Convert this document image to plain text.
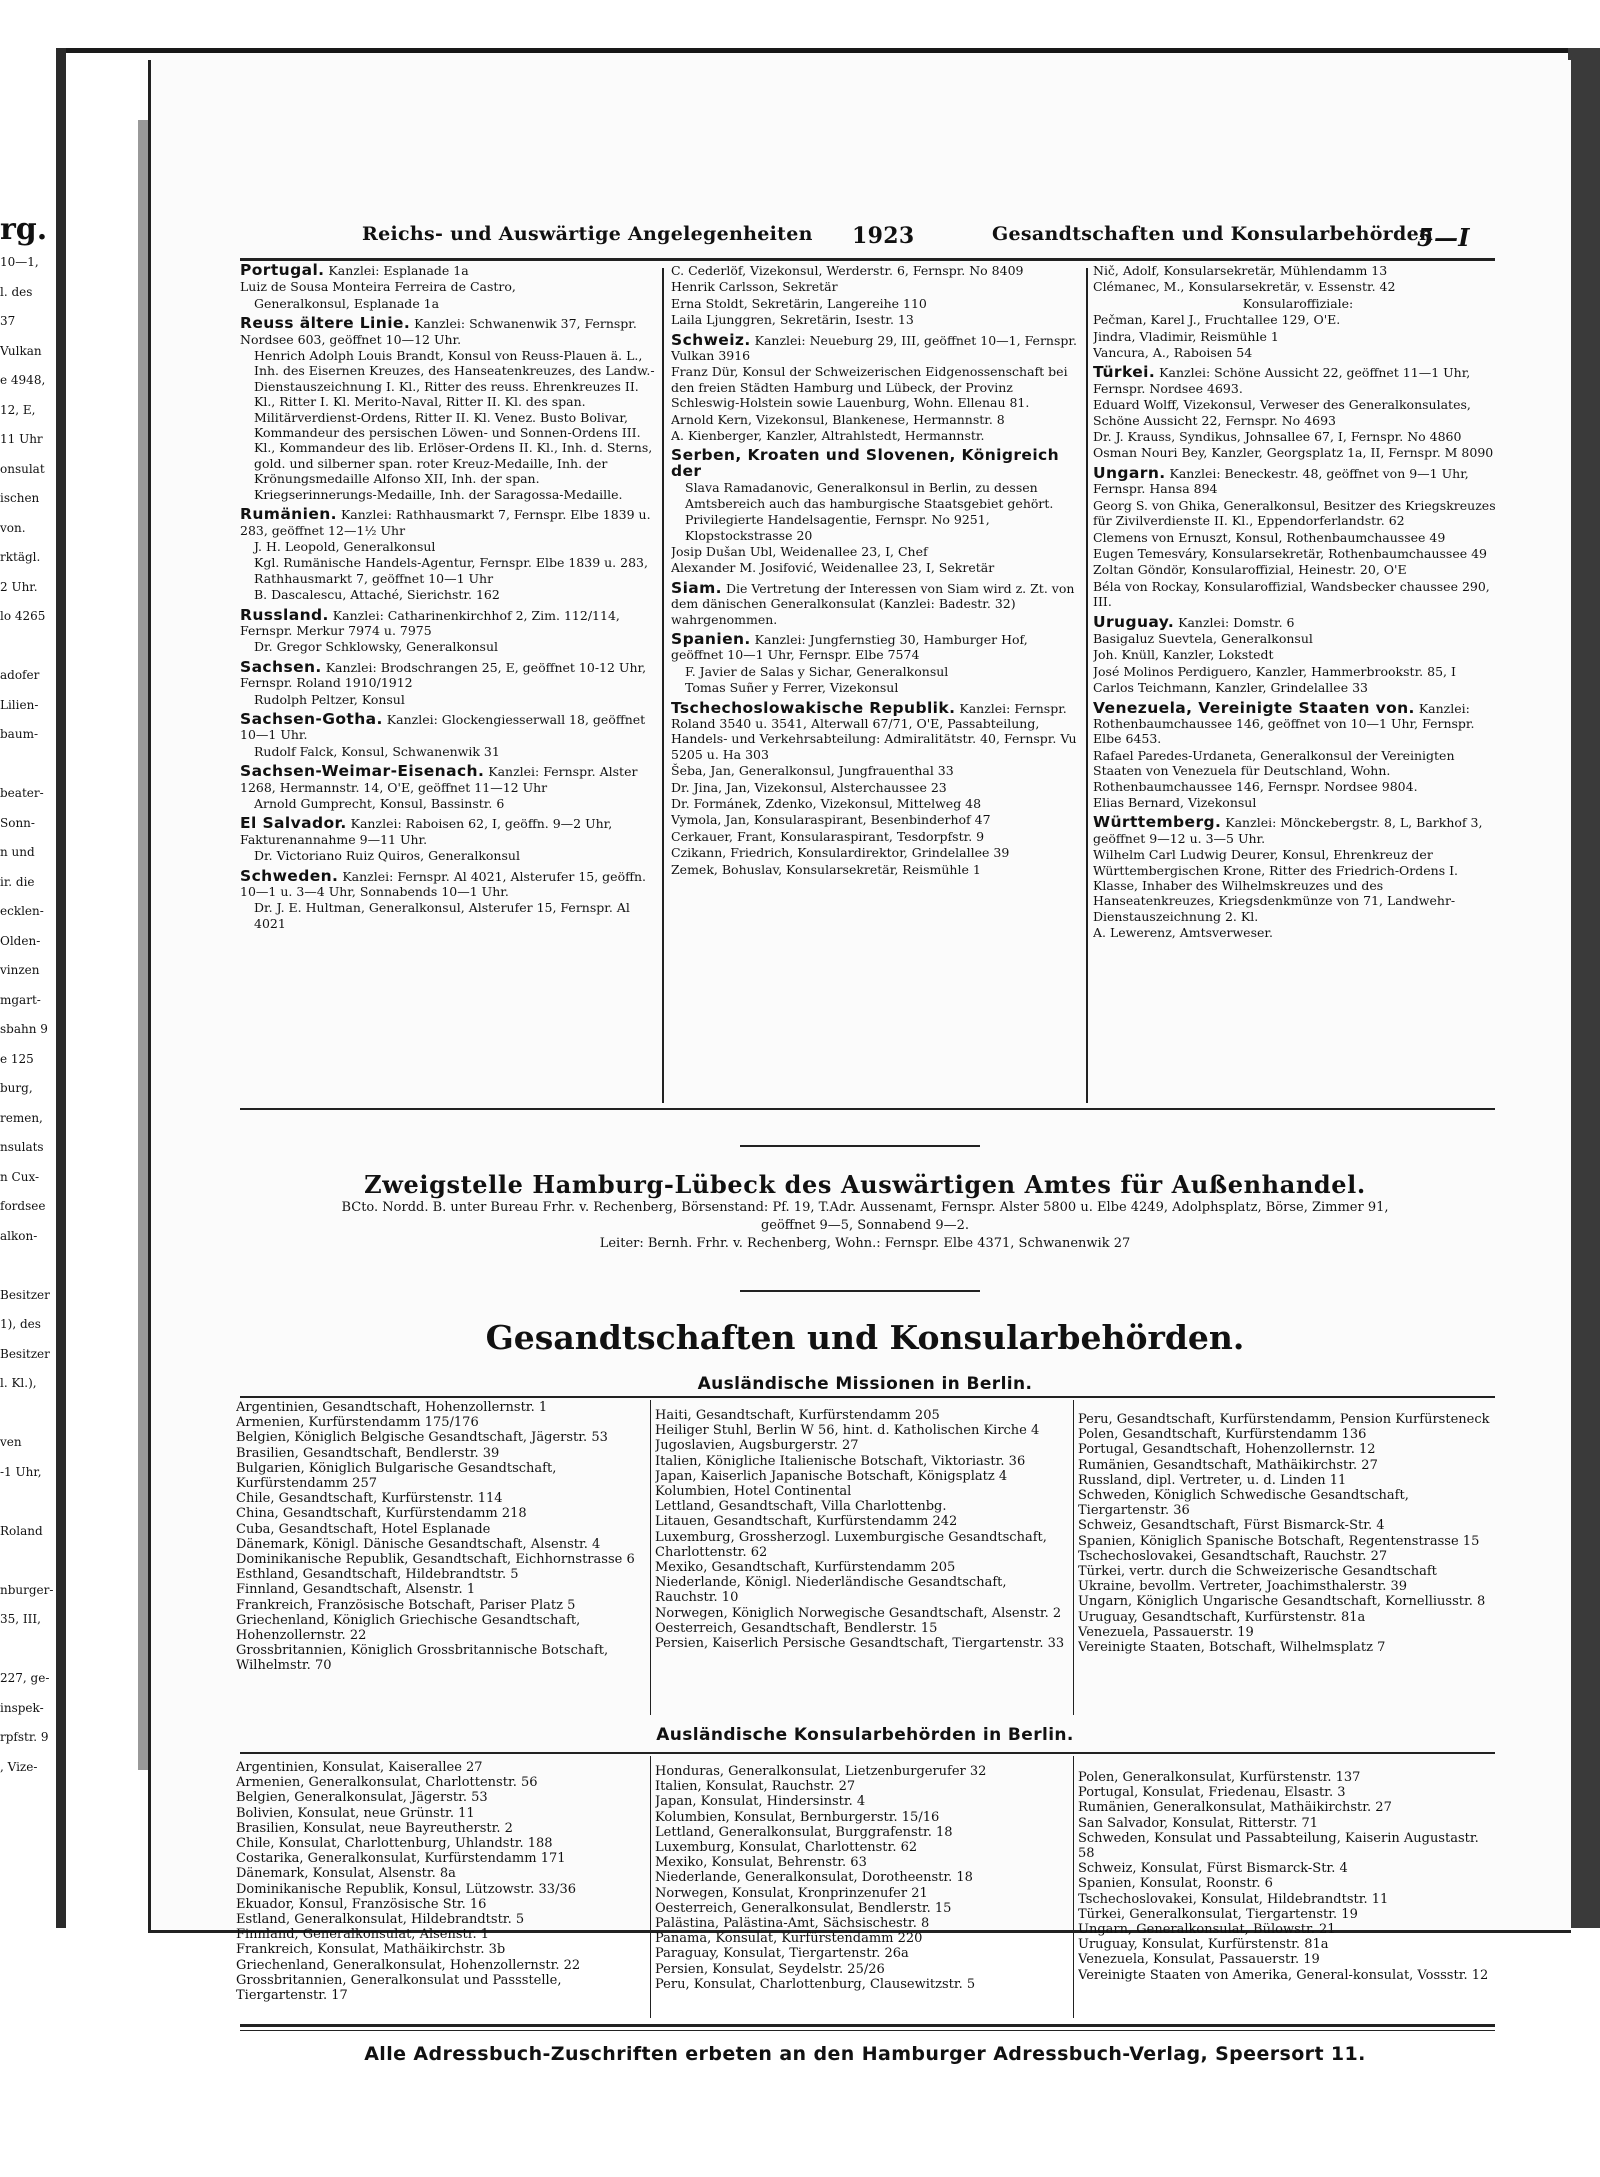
rg.
10—1,
l. des
37
Vulkan
e 4948,
12, E,
11 Uhr
onsulat
ischen
von.
rktägl.
2 Uhr.
lo 4265
adofer
Lilien-
baum-
beater-
Sonn-
n und
ir. die
ecklen-
Olden-
vinzen
mgart-
sbahn 9
e 125
burg,
remen,
nsulats
n Cux-
fordsee
alkon-
Besitzer
1), des
Besitzer
l. Kl.),
ven
-1 Uhr,
Roland
nburger-
35, III,
227, ge-
inspek-
rpfstr. 9
, Vize-
Reichs- und Auswärtige Angelegenheiten 1923	Gesandtschaften und Konsularbehörden
5—I
Portugal. Kanzlei: Esplanade 1a
Luiz de Sousa Monteira Ferreira de Castro,
Generalkonsul, Esplanade 1a
Reuss ältere Linie. Kanzlei: Schwanenwik 37, Fernspr. Nordsee 603, geöffnet 10—12 Uhr.
Henrich Adolph Louis Brandt, Konsul von Reuss-Plauen ä. L., Inh. des Eisernen Kreuzes, des Hanseatenkreuzes, des Landw.-Dienstauszeichnung I. Kl., Ritter des reuss. Ehrenkreuzes II. Kl., Ritter I. Kl. Merito-Naval, Ritter II. Kl. des span. Militärverdienst-Ordens, Ritter II. Kl. Venez. Busto Bolivar, Kommandeur des persischen Löwen- und Sonnen-Ordens III. Kl., Kommandeur des lib. Erlöser-Ordens II. Kl., Inh. d. Sterns, gold. und silberner span. roter Kreuz-Medaille, Inh. der Krönungsmedaille Alfonso XII, Inh. der span. Kriegserinnerungs-Medaille, Inh. der Saragossa-Medaille.
Rumänien. Kanzlei: Rathhausmarkt 7, Fernspr. Elbe 1839 u. 283, geöffnet 12—1½ Uhr
J. H. Leopold, Generalkonsul
Kgl. Rumänische Handels-Agentur, Fernspr. Elbe 1839 u. 283, Rathhausmarkt 7, geöffnet 10—1 Uhr
B. Dascalescu, Attaché, Sierichstr. 162
Russland. Kanzlei: Catharinenkirchhof 2, Zim. 112/114, Fernspr. Merkur 7974 u. 7975
Dr. Gregor Schklowsky, Generalkonsul
Sachsen. Kanzlei: Brodschrangen 25, E, geöffnet 10-12 Uhr, Fernspr. Roland 1910/1912
Rudolph Peltzer, Konsul
Sachsen-Gotha. Kanzlei: Glockengiesserwall 18, geöffnet 10—1 Uhr.
Rudolf Falck, Konsul, Schwanenwik 31
Sachsen-Weimar-Eisenach. Kanzlei: Fernspr. Alster 1268, Hermannstr. 14, O'E, geöffnet 11—12 Uhr
Arnold Gumprecht, Konsul, Bassinstr. 6
El Salvador. Kanzlei: Raboisen 62, I, geöffn. 9—2 Uhr, Fakturenannahme 9—11 Uhr.
Dr. Victoriano Ruiz Quiros, Generalkonsul
Schweden. Kanzlei: Fernspr. Al 4021, Alsterufer 15, geöffn. 10—1 u. 3—4 Uhr, Sonnabends 10—1 Uhr.
Dr. J. E. Hultman, Generalkonsul, Alsterufer 15, Fernspr. Al 4021
C. Cederlöf, Vizekonsul, Werderstr. 6, Fernspr. No 8409
Henrik Carlsson, Sekretär
Erna Stoldt, Sekretärin, Langereihe 110
Laila Ljunggren, Sekretärin, Isestr. 13
Schweiz. Kanzlei: Neueburg 29, III, geöffnet 10—1, Fernspr. Vulkan 3916
Franz Dür, Konsul der Schweizerischen Eidgenossenschaft bei den freien Städten Hamburg und Lübeck, der Provinz Schleswig-Holstein sowie Lauenburg, Wohn. Ellenau 81.
Arnold Kern, Vizekonsul, Blankenese, Hermannstr. 8
A. Kienberger, Kanzler, Altrahlstedt, Hermannstr.
Serben, Kroaten und Slovenen, Königreich der
Slava Ramadanovic, Generalkonsul in Berlin, zu dessen Amtsbereich auch das hamburgische Staatsgebiet gehört.
Privilegierte Handelsagentie, Fernspr. No 9251, Klopstockstrasse 20
Josip Dušan Ubl, Weidenallee 23, I, Chef
Alexander M. Josifović, Weidenallee 23, I, Sekretär
Siam. Die Vertretung der Interessen von Siam wird z. Zt. von dem dänischen Generalkonsulat (Kanzlei: Badestr. 32) wahrgenommen.
Spanien. Kanzlei: Jungfernstieg 30, Hamburger Hof, geöffnet 10—1 Uhr, Fernspr. Elbe 7574
F. Javier de Salas y Sichar, Generalkonsul
Tomas Suñer y Ferrer, Vizekonsul
Tschechoslowakische Republik. Kanzlei: Fernspr. Roland 3540 u. 3541, Alterwall 67/71, O'E, Passabteilung, Handels- und Verkehrsabteilung: Admiralitätstr. 40, Fernspr. Vu 5205 u. Ha 303
Šeba, Jan, Generalkonsul, Jungfrauenthal 33
Dr. Jina, Jan, Vizekonsul, Alsterchaussee 23
Dr. Formánek, Zdenko, Vizekonsul, Mittelweg 48
Vymola, Jan, Konsularaspirant, Besenbinderhof 47
Cerkauer, Frant, Konsularaspirant, Tesdorpfstr. 9
Czikann, Friedrich, Konsulardirektor, Grindelallee 39
Zemek, Bohuslav, Konsularsekretär, Reismühle 1
Nič, Adolf, Konsularsekretär, Mühlendamm 13
Clémanec, M., Konsularsekretär, v. Essenstr. 42
Konsularoffiziale:
Pečman, Karel J., Fruchtallee 129, O'E.
Jindra, Vladimir, Reismühle 1
Vancura, A., Raboisen 54
Türkei. Kanzlei: Schöne Aussicht 22, geöffnet 11—1 Uhr, Fernspr. Nordsee 4693.
Eduard Wolff, Vizekonsul, Verweser des Generalkonsulates, Schöne Aussicht 22, Fernspr. No 4693
Dr. J. Krauss, Syndikus, Johnsallee 67, I, Fernspr. No 4860
Osman Nouri Bey, Kanzler, Georgsplatz 1a, II, Fernspr. M 8090
Ungarn. Kanzlei: Beneckestr. 48, geöffnet von 9—1 Uhr, Fernspr. Hansa 894
Georg S. von Ghika, Generalkonsul, Besitzer des Kriegskreuzes für Zivilverdienste II. Kl., Eppendorferlandstr. 62
Clemens von Ernuszt, Konsul, Rothenbaumchaussee 49
Eugen Temesváry, Konsularsekretär, Rothenbaumchaussee 49
Zoltan Göndör, Konsularoffizial, Heinestr. 20, O'E
Béla von Rockay, Konsularoffizial, Wandsbecker chaussee 290, III.
Uruguay. Kanzlei: Domstr. 6
Basigaluz Suevtela, Generalkonsul
Joh. Knüll, Kanzler, Lokstedt
José Molinos Perdiguero, Kanzler, Hammerbrookstr. 85, I
Carlos Teichmann, Kanzler, Grindelallee 33
Venezuela, Vereinigte Staaten von. Kanzlei: Rothenbaumchaussee 146, geöffnet von 10—1 Uhr, Fernspr. Elbe 6453.
Rafael Paredes-Urdaneta, Generalkonsul der Vereinigten Staaten von Venezuela für Deutschland, Wohn. Rothenbaumchaussee 146, Fernspr. Nordsee 9804.
Elias Bernard, Vizekonsul
Württemberg. Kanzlei: Mönckebergstr. 8, L, Barkhof 3, geöffnet 9—12 u. 3—5 Uhr.
Wilhelm Carl Ludwig Deurer, Konsul, Ehrenkreuz der Württembergischen Krone, Ritter des Friedrich-Ordens I. Klasse, Inhaber des Wilhelmskreuzes und des Hanseatenkreuzes, Kriegsdenkmünze von 71, Landwehr-Dienstauszeichnung 2. Kl.
A. Lewerenz, Amtsverweser.
Zweigstelle Hamburg-Lübeck des Auswärtigen Amtes für Außenhandel.
BCto. Nordd. B. unter Bureau Frhr. v. Rechenberg, Börsenstand: Pf. 19, T.Adr. Aussenamt, Fernspr. Alster 5800 u. Elbe 4249, Adolphsplatz, Börse, Zimmer 91,
geöffnet 9—5, Sonnabend 9—2.
Leiter: Bernh. Frhr. v. Rechenberg, Wohn.: Fernspr. Elbe 4371, Schwanenwik 27
Gesandtschaften und Konsularbehörden.
Ausländische Missionen in Berlin.
Argentinien, Gesandtschaft, Hohenzollernstr. 1
Armenien, Kurfürstendamm 175/176
Belgien, Königlich Belgische Gesandtschaft, Jägerstr. 53
Brasilien, Gesandtschaft, Bendlerstr. 39
Bulgarien, Königlich Bulgarische Gesandtschaft, Kurfürstendamm 257
Chile, Gesandtschaft, Kurfürstenstr. 114
China, Gesandtschaft, Kurfürstendamm 218
Cuba, Gesandtschaft, Hotel Esplanade
Dänemark, Königl. Dänische Gesandtschaft, Alsenstr. 4
Dominikanische Republik, Gesandtschaft, Eichhornstrasse 6
Esthland, Gesandtschaft, Hildebrandtstr. 5
Finnland, Gesandtschaft, Alsenstr. 1
Frankreich, Französische Botschaft, Pariser Platz 5
Griechenland, Königlich Griechische Gesandtschaft, Hohenzollernstr. 22
Grossbritannien, Königlich Grossbritannische Botschaft, Wilhelmstr. 70
Haiti, Gesandtschaft, Kurfürstendamm 205
Heiliger Stuhl, Berlin W 56, hint. d. Katholischen Kirche 4
Jugoslavien, Augsburgerstr. 27
Italien, Königliche Italienische Botschaft, Viktoriastr. 36
Japan, Kaiserlich Japanische Botschaft, Königsplatz 4
Kolumbien, Hotel Continental
Lettland, Gesandtschaft, Villa Charlottenbg.
Litauen, Gesandtschaft, Kurfürstendamm 242
Luxemburg, Grossherzogl. Luxemburgische Gesandtschaft, Charlottenstr. 62
Mexiko, Gesandtschaft, Kurfürstendamm 205
Niederlande, Königl. Niederländische Gesandtschaft, Rauchstr. 10
Norwegen, Königlich Norwegische Gesandtschaft, Alsenstr. 2
Oesterreich, Gesandtschaft, Bendlerstr. 15
Persien, Kaiserlich Persische Gesandtschaft, Tiergartenstr. 33
Peru, Gesandtschaft, Kurfürstendamm, Pension Kurfürsteneck
Polen, Gesandtschaft, Kurfürstendamm 136
Portugal, Gesandtschaft, Hohenzollernstr. 12
Rumänien, Gesandtschaft, Mathäikirchstr. 27
Russland, dipl. Vertreter, u. d. Linden 11
Schweden, Königlich Schwedische Gesandtschaft, Tiergartenstr. 36
Schweiz, Gesandtschaft, Fürst Bismarck-Str. 4
Spanien, Königlich Spanische Botschaft, Regentenstrasse 15
Tschechoslovakei, Gesandtschaft, Rauchstr. 27
Türkei, vertr. durch die Schweizerische Gesandtschaft
Ukraine, bevollm. Vertreter, Joachimsthalerstr. 39
Ungarn, Königlich Ungarische Gesandtschaft, Kornelliusstr. 8
Uruguay, Gesandtschaft, Kurfürstenstr. 81a
Venezuela, Passauerstr. 19
Vereinigte Staaten, Botschaft, Wilhelmsplatz 7
Ausländische Konsularbehörden in Berlin.
Argentinien, Konsulat, Kaiserallee 27
Armenien, Generalkonsulat, Charlottenstr. 56
Belgien, Generalkonsulat, Jägerstr. 53
Bolivien, Konsulat, neue Grünstr. 11
Brasilien, Konsulat, neue Bayreutherstr. 2
Chile, Konsulat, Charlottenburg, Uhlandstr. 188
Costarika, Generalkonsulat, Kurfürstendamm 171
Dänemark, Konsulat, Alsenstr. 8a
Dominikanische Republik, Konsul, Lützowstr. 33/36
Ekuador, Konsul, Französische Str. 16
Estland, Generalkonsulat, Hildebrandtstr. 5
Finnland, Generalkonsulat, Alsenstr. 1
Frankreich, Konsulat, Mathäikirchstr. 3b
Griechenland, Generalkonsulat, Hohenzollernstr. 22
Grossbritannien, Generalkonsulat und Passstelle, Tiergartenstr. 17
Honduras, Generalkonsulat, Lietzenburgerufer 32
Italien, Konsulat, Rauchstr. 27
Japan, Konsulat, Hindersinstr. 4
Kolumbien, Konsulat, Bernburgerstr. 15/16
Lettland, Generalkonsulat, Burggrafenstr. 18
Luxemburg, Konsulat, Charlottenstr. 62
Mexiko, Konsulat, Behrenstr. 63
Niederlande, Generalkonsulat, Dorotheenstr. 18
Norwegen, Konsulat, Kronprinzenufer 21
Oesterreich, Generalkonsulat, Bendlerstr. 15
Palästina, Palästina-Amt, Sächsischestr. 8
Panama, Konsulat, Kurfürstendamm 220
Paraguay, Konsulat, Tiergartenstr. 26a
Persien, Konsulat, Seydelstr. 25/26
Peru, Konsulat, Charlottenburg, Clausewitzstr. 5
Polen, Generalkonsulat, Kurfürstenstr. 137
Portugal, Konsulat, Friedenau, Elsastr. 3
Rumänien, Generalkonsulat, Mathäikirchstr. 27
San Salvador, Konsulat, Ritterstr. 71
Schweden, Konsulat und Passabteilung, Kaiserin Augustastr. 58
Schweiz, Konsulat, Fürst Bismarck-Str. 4
Spanien, Konsulat, Roonstr. 6
Tschechoslovakei, Konsulat, Hildebrandtstr. 11
Türkei, Generalkonsulat, Tiergartenstr. 19
Ungarn, Generalkonsulat, Bülowstr. 21
Uruguay, Konsulat, Kurfürstenstr. 81a
Venezuela, Konsulat, Passauerstr. 19
Vereinigte Staaten von Amerika, General-konsulat, Vossstr. 12
Alle Adressbuch-Zuschriften erbeten an den Hamburger Adressbuch-Verlag, Speersort 11.
